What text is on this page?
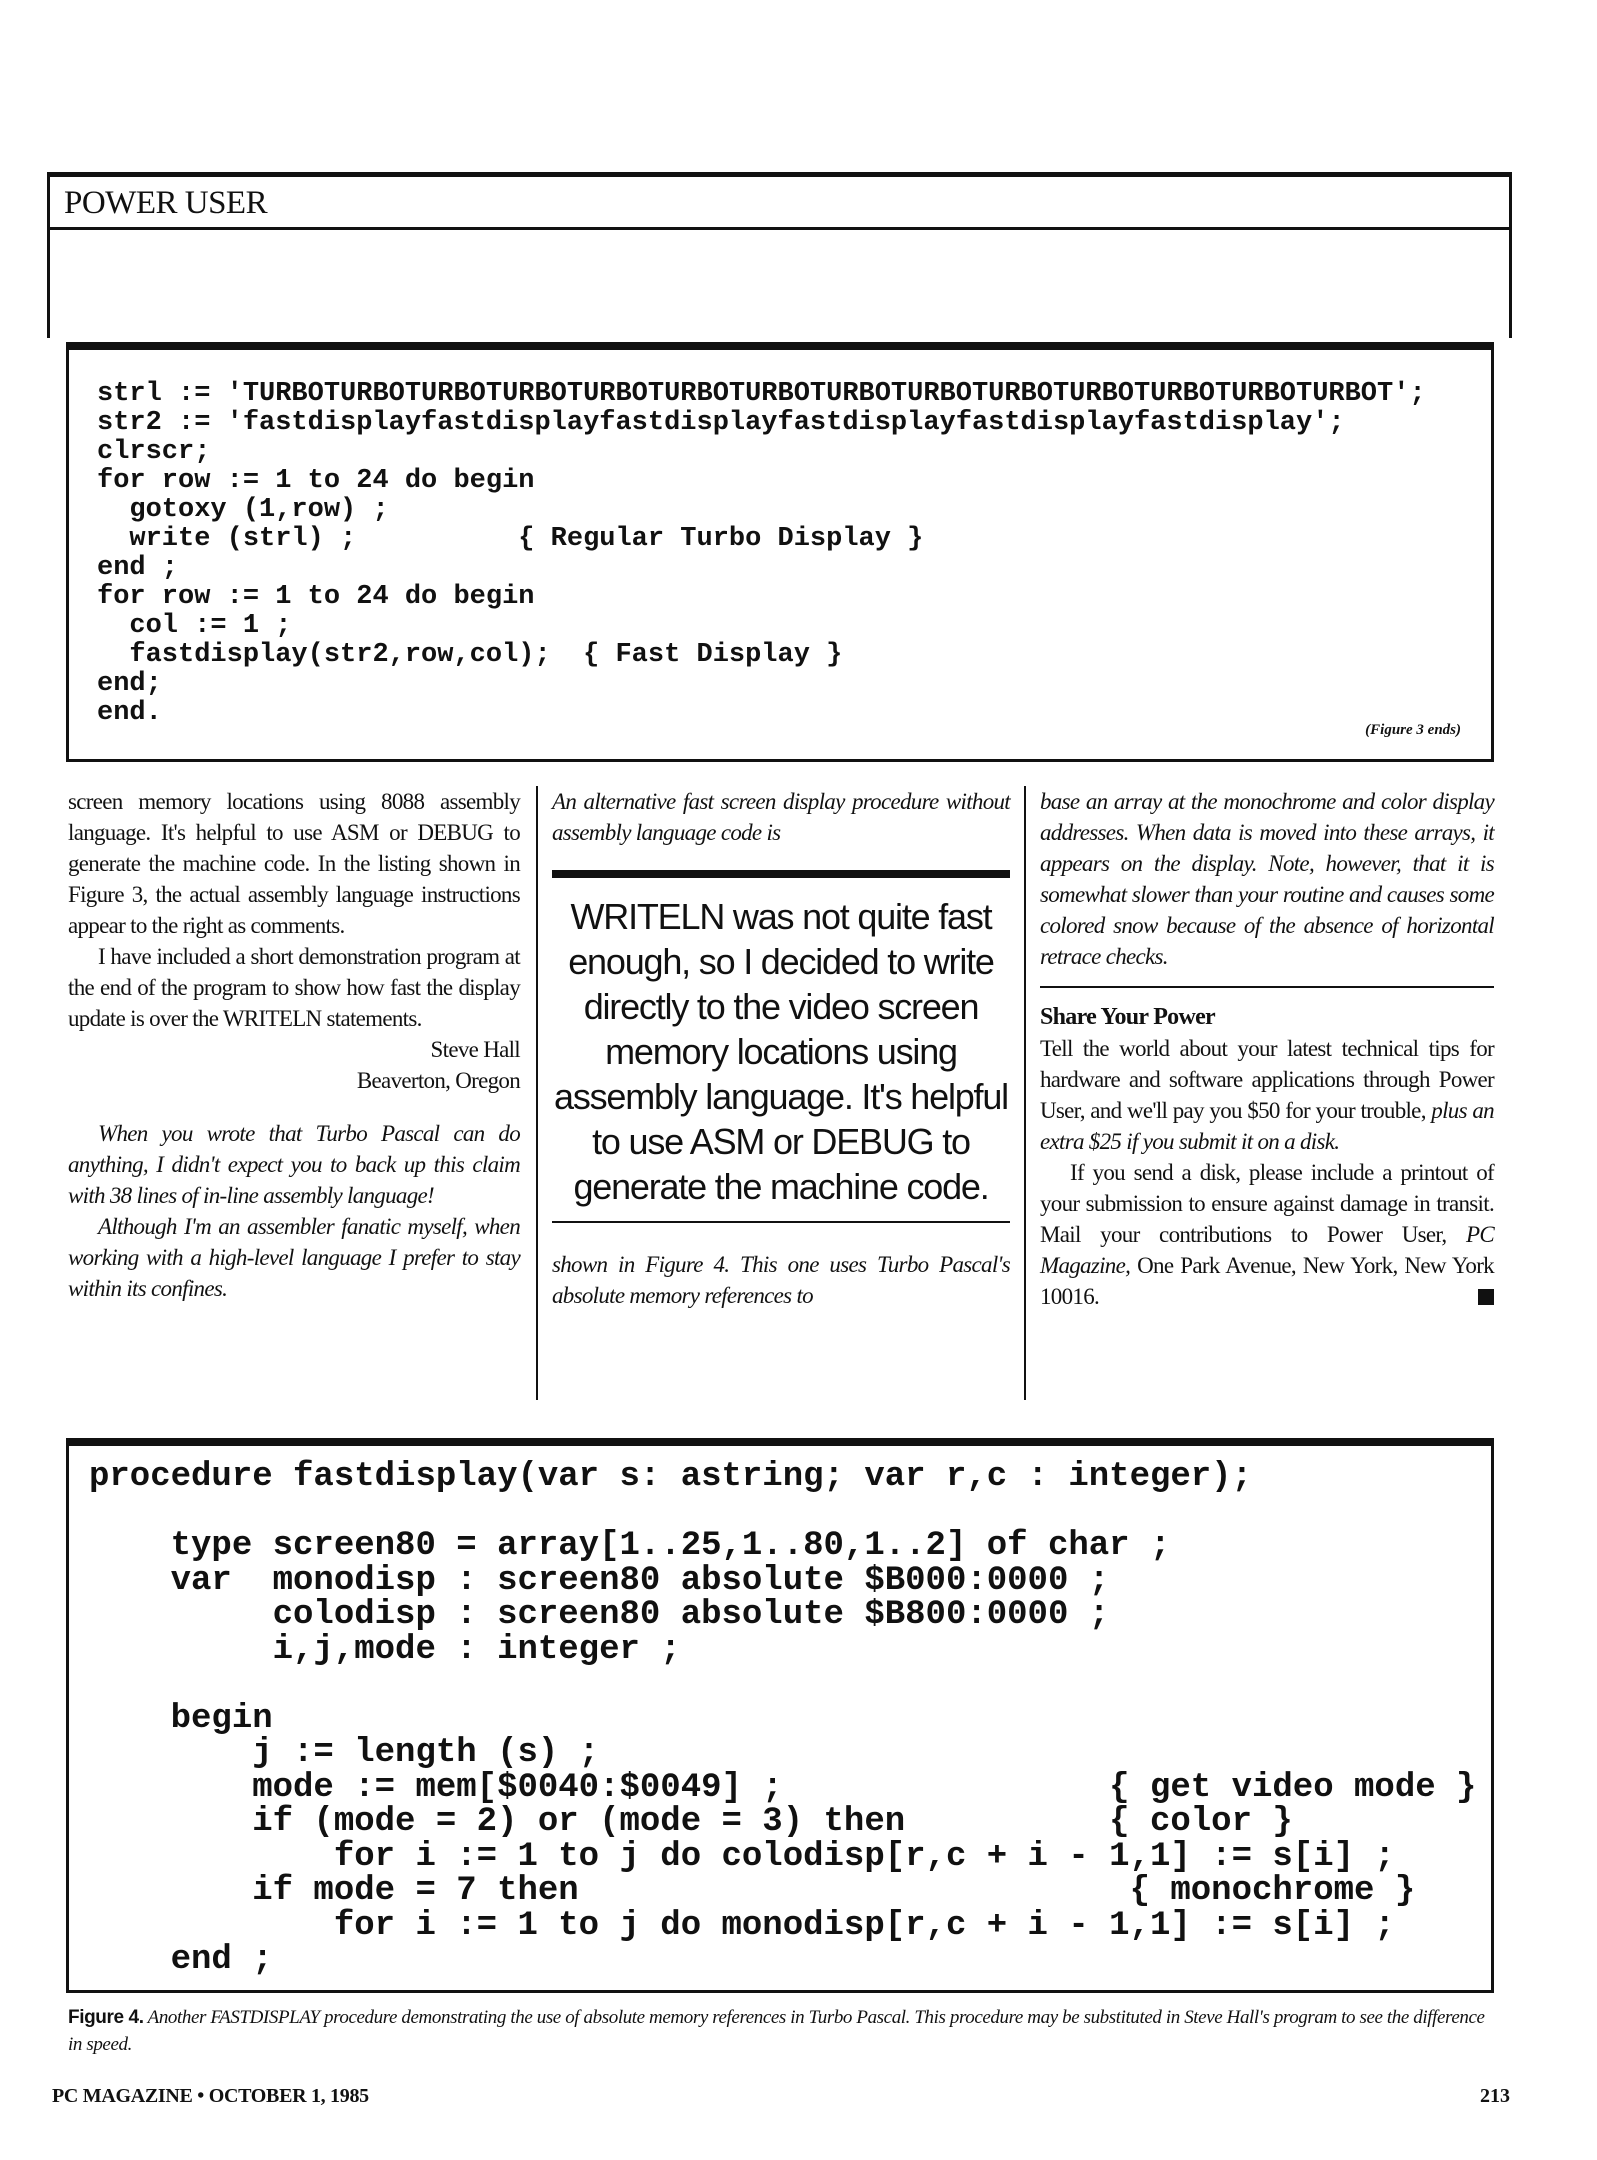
POWER USER
strl := 'TURBOTURBOTURBOTURBOTURBOTURBOTURBOTURBOTURBOTURBOTURBOTURBOTURBOTURBOT';
str2 := 'fastdisplayfastdisplayfastdisplayfastdisplayfastdisplayfastdisplay';
clrscr;
for row := 1 to 24 do begin
gotoxy (1,row) ;
write (strl) ;          { Regular Turbo Display }
end ;
for row := 1 to 24 do begin
col := 1 ;
fastdisplay(str2,row,col);  { Fast Display }
end;
end.
(Figure 3 ends)

screen memory locations using 8088 assembly language. It's helpful to use ASM or DEBUG to generate the machine code. In the listing shown in Figure 3, the actual assembly language instructions appear to the right as comments.

I have included a short demonstration program at the end of the program to show how fast the display update is over the WRITELN statements.

Steve Hall

Beaverton, Oregon

When you wrote that Turbo Pascal can do anything, I didn't expect you to back up this claim with 38 lines of in-line assembly language!

Although I'm an assembler fanatic myself, when working with a high-level language I prefer to stay within its confines.

An alternative fast screen display procedure without assembly language code is

WRITELN was not quite fast enough, so I decided to write directly to the video screen memory locations using assembly language. It's helpful to use ASM or DEBUG to generate the machine code.

shown in Figure 4. This one uses Turbo Pascal's absolute memory references to

base an array at the monochrome and color display addresses. When data is moved into these arrays, it appears on the display. Note, however, that it is somewhat slower than your routine and causes some colored snow because of the absence of horizontal retrace checks.

Share Your Power

Tell the world about your latest technical tips for hardware and software applications through Power User, and we'll pay you $50 for your trouble, plus an extra $25 if you submit it on a disk.

If you send a disk, please include a printout of your submission to ensure against damage in transit. Mail your contributions to Power User, PC Magazine, One Park Avenue, New York, New York 10016.

procedure fastdisplay(var s: astring; var r,c : integer);

type screen80 = array[1..25,1..80,1..2] of char ;
var  monodisp : screen80 absolute $B000:0000 ;
colodisp : screen80 absolute $B800:0000 ;
i,j,mode : integer ;

begin
j := length (s) ;
mode := mem[$0040:$0049] ;                { get video mode }
if (mode = 2) or (mode = 3) then          { color }
for i := 1 to j do colodisp[r,c + i - 1,1] := s[i] ;
if mode = 7 then                           { monochrome }
for i := 1 to j do monodisp[r,c + i - 1,1] := s[i] ;
end ;
Figure 4. Another FASTDISPLAY procedure demonstrating the use of absolute memory references in Turbo Pascal. This procedure may be substituted in Steve Hall's program to see the difference in speed.
PC MAGAZINE • OCTOBER 1, 1985	213
